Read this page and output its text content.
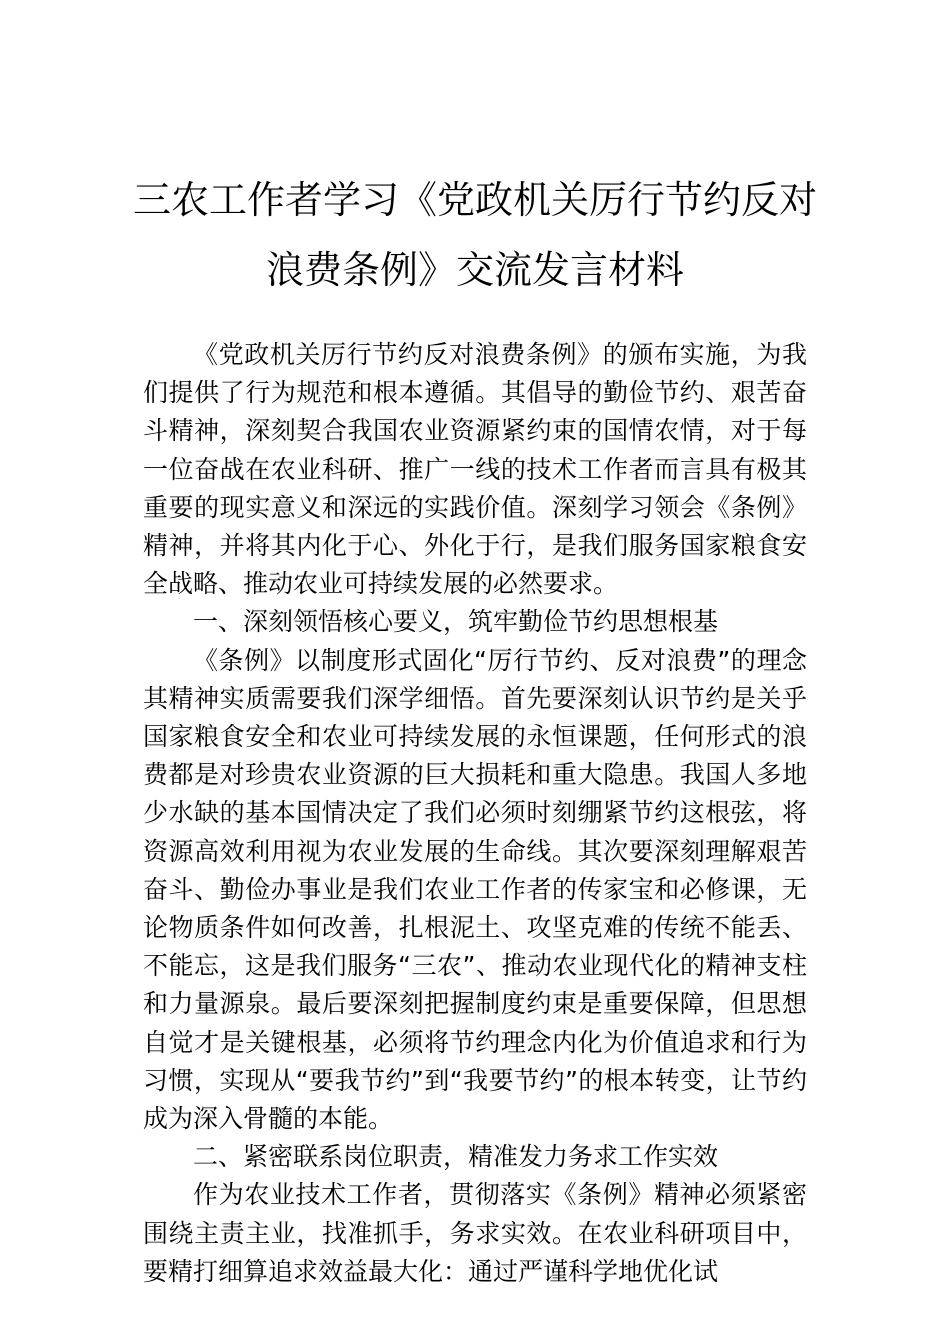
三农工作者学习《党政机关厉行节约反对
浪费条例》交流发言材料

《党政机关厉行节约反对浪费条例》的颁布实施，为我们提供了行为规范和根本遵循。其倡导的勤俭节约、艰苦奋斗精神，深刻契合我国农业资源紧约束的国情农情，对于每一位奋战在农业科研、推广一线的技术工作者而言具有极其重要的现实意义和深远的实践价值。深刻学习领会《条例》精神，并将其内化于心、外化于行，是我们服务国家粮食安全战略、推动农业可持续发展的必然要求。

一、深刻领悟核心要义，筑牢勤俭节约思想根基

《条例》以制度形式固化“厉行节约、反对浪费”的理念其精神实质需要我们深学细悟。首先要深刻认识节约是关乎国家粮食安全和农业可持续发展的永恒课题，任何形式的浪费都是对珍贵农业资源的巨大损耗和重大隐患。我国人多地少水缺的基本国情决定了我们必须时刻绷紧节约这根弦，将资源高效利用视为农业发展的生命线。其次要深刻理解艰苦奋斗、勤俭办事业是我们农业工作者的传家宝和必修课，无论物质条件如何改善，扎根泥土、攻坚克难的传统不能丢、不能忘，这是我们服务“三农”、推动农业现代化的精神支柱和力量源泉。最后要深刻把握制度约束是重要保障，但思想自觉才是关键根基，必须将节约理念内化为价值追求和行为习惯，实现从“要我节约”到“我要节约”的根本转变，让节约成为深入骨髓的本能。

二、紧密联系岗位职责，精准发力务求工作实效

作为农业技术工作者，贯彻落实《条例》精神必须紧密围绕主责主业，找准抓手，务求实效。在农业科研项目中，要精打细算追求效益最大化：通过严谨科学地优化试
